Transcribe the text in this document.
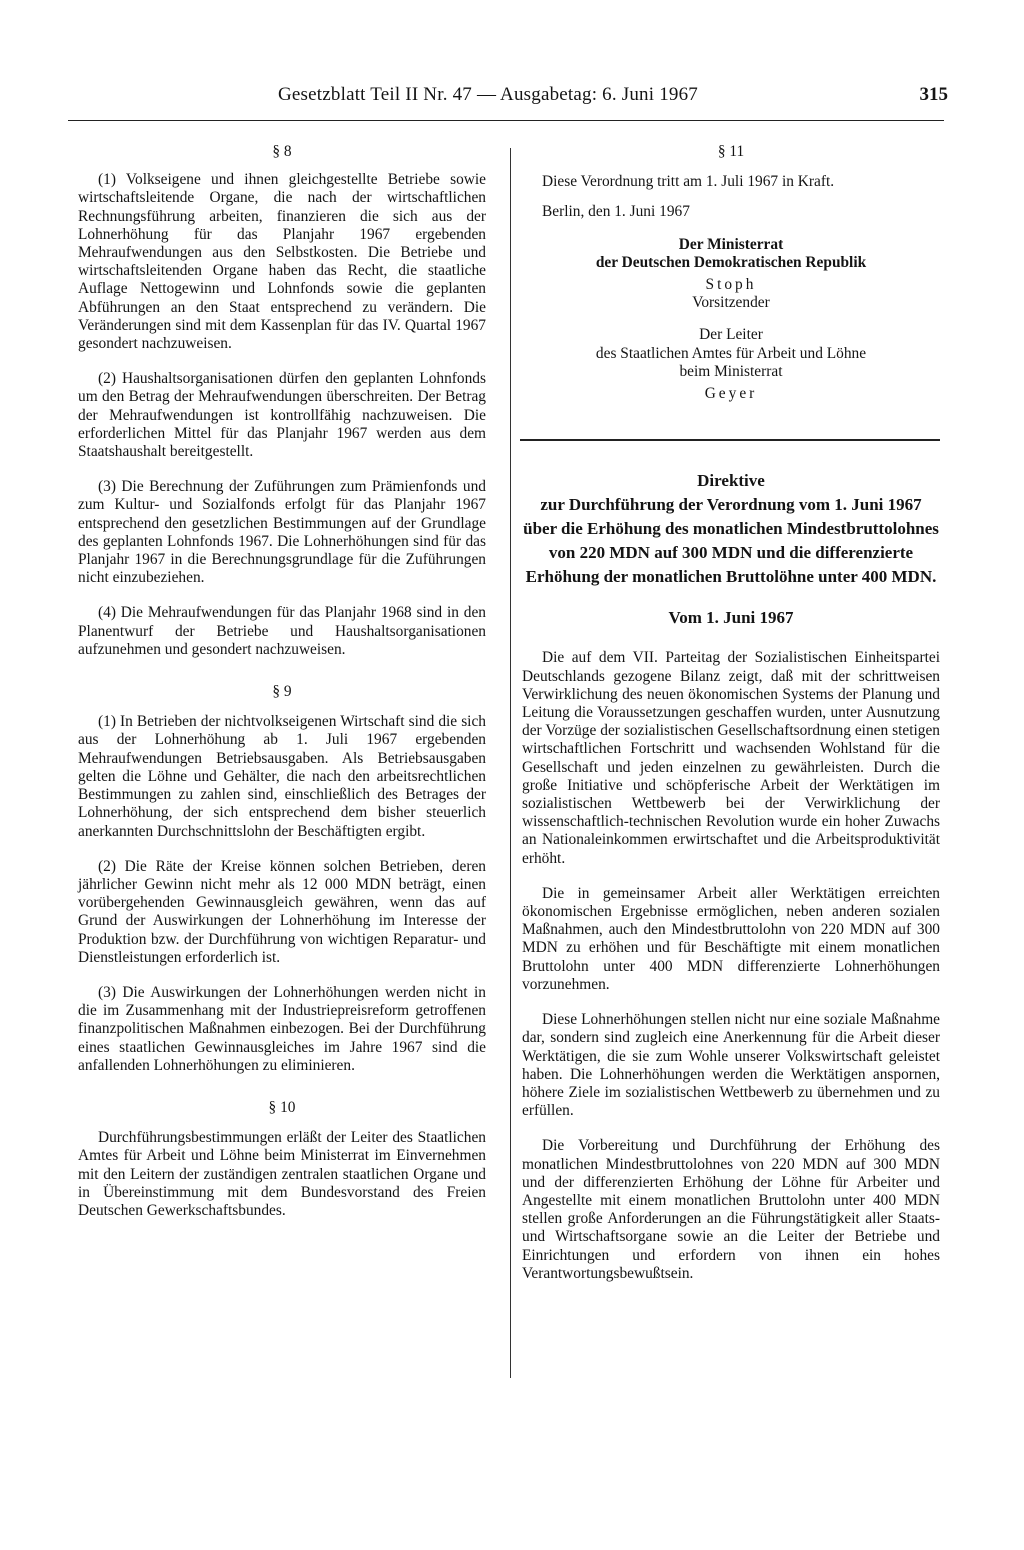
Gesetzblatt Teil II Nr. 47 — Ausgabetag: 6. Juni 1967	315
§ 8

(1) Volkseigene und ihnen gleichgestellte Betriebe sowie wirtschaftsleitende Organe, die nach der wirtschaftlichen Rechnungsführung arbeiten, finanzieren die sich aus der Lohnerhöhung für das Planjahr 1967 ergebenden Mehraufwendungen aus den Selbstkosten. Die Betriebe und wirtschaftsleitenden Organe haben das Recht, die staatliche Auflage Nettogewinn und Lohnfonds sowie die geplanten Abführungen an den Staat entsprechend zu verändern. Die Veränderungen sind mit dem Kassenplan für das IV. Quartal 1967 gesondert nachzuweisen.

(2) Haushaltsorganisationen dürfen den geplanten Lohnfonds um den Betrag der Mehraufwendungen überschreiten. Der Betrag der Mehraufwendungen ist kontrollfähig nachzuweisen. Die erforderlichen Mittel für das Planjahr 1967 werden aus dem Staatshaushalt bereitgestellt.

(3) Die Berechnung der Zuführungen zum Prämienfonds und zum Kultur- und Sozialfonds erfolgt für das Planjahr 1967 entsprechend den gesetzlichen Bestimmungen auf der Grundlage des geplanten Lohnfonds 1967. Die Lohnerhöhungen sind für das Planjahr 1967 in die Berechnungsgrundlage für die Zuführungen nicht einzubeziehen.

(4) Die Mehraufwendungen für das Planjahr 1968 sind in den Planentwurf der Betriebe und Haushaltsorganisationen aufzunehmen und gesondert nachzuweisen.

§ 9

(1) In Betrieben der nichtvolkseigenen Wirtschaft sind die sich aus der Lohnerhöhung ab 1. Juli 1967 ergebenden Mehraufwendungen Betriebsausgaben. Als Betriebsausgaben gelten die Löhne und Gehälter, die nach den arbeitsrechtlichen Bestimmungen zu zahlen sind, einschließlich des Betrages der Lohnerhöhung, der sich entsprechend dem bisher steuerlich anerkannten Durchschnittslohn der Beschäftigten ergibt.

(2) Die Räte der Kreise können solchen Betrieben, deren jährlicher Gewinn nicht mehr als 12 000 MDN beträgt, einen vorübergehenden Gewinnausgleich gewähren, wenn das auf Grund der Auswirkungen der Lohnerhöhung im Interesse der Produktion bzw. der Durchführung von wichtigen Reparatur- und Dienstleistungen erforderlich ist.

(3) Die Auswirkungen der Lohnerhöhungen werden nicht in die im Zusammenhang mit der Industriepreisreform getroffenen finanzpolitischen Maßnahmen einbezogen. Bei der Durchführung eines staatlichen Gewinnausgleiches im Jahre 1967 sind die anfallenden Lohnerhöhungen zu eliminieren.

§ 10

Durchführungsbestimmungen erläßt der Leiter des Staatlichen Amtes für Arbeit und Löhne beim Ministerrat im Einvernehmen mit den Leitern der zuständigen zentralen staatlichen Organe und in Übereinstimmung mit dem Bundesvorstand des Freien Deutschen Gewerkschaftsbundes.

§ 11

Diese Verordnung tritt am 1. Juli 1967 in Kraft.

Berlin, den 1. Juni 1967

Der Ministerrat
der Deutschen Demokratischen Republik
Stoph
Vorsitzender
Der Leiter
des Staatlichen Amtes für Arbeit und Löhne
beim Ministerrat
Geyer
Direktive
zur Durchführung der Verordnung vom 1. Juni 1967 über die Erhöhung des monatlichen Mindestbruttolohnes von 220 MDN auf 300 MDN und die differenzierte Erhöhung der monatlichen Bruttolöhne unter 400 MDN.
Vom 1. Juni 1967

Die auf dem VII. Parteitag der Sozialistischen Einheitspartei Deutschlands gezogene Bilanz zeigt, daß mit der schrittweisen Verwirklichung des neuen ökonomischen Systems der Planung und Leitung die Voraussetzungen geschaffen wurden, unter Ausnutzung der Vorzüge der sozialistischen Gesellschaftsordnung einen stetigen wirtschaftlichen Fortschritt und wachsenden Wohlstand für die Gesellschaft und jeden einzelnen zu gewährleisten. Durch die große Initiative und schöpferische Arbeit der Werktätigen im sozialistischen Wettbewerb bei der Verwirklichung der wissenschaftlich-technischen Revolution wurde ein hoher Zuwachs an Nationaleinkommen erwirtschaftet und die Arbeitsproduktivität erhöht.

Die in gemeinsamer Arbeit aller Werktätigen erreichten ökonomischen Ergebnisse ermöglichen, neben anderen sozialen Maßnahmen, auch den Mindestbruttolohn von 220 MDN auf 300 MDN zu erhöhen und für Beschäftigte mit einem monatlichen Bruttolohn unter 400 MDN differenzierte Lohnerhöhungen vorzunehmen.

Diese Lohnerhöhungen stellen nicht nur eine soziale Maßnahme dar, sondern sind zugleich eine Anerkennung für die Arbeit dieser Werktätigen, die sie zum Wohle unserer Volkswirtschaft geleistet haben. Die Lohnerhöhungen werden die Werktätigen anspornen, höhere Ziele im sozialistischen Wettbewerb zu übernehmen und zu erfüllen.

Die Vorbereitung und Durchführung der Erhöhung des monatlichen Mindestbruttolohnes von 220 MDN auf 300 MDN und der differenzierten Erhöhung der Löhne für Arbeiter und Angestellte mit einem monatlichen Bruttolohn unter 400 MDN stellen große Anforderungen an die Führungstätigkeit aller Staats- und Wirtschaftsorgane sowie an die Leiter der Betriebe und Einrichtungen und erfordern von ihnen ein hohes Verantwortungsbewußtsein.
